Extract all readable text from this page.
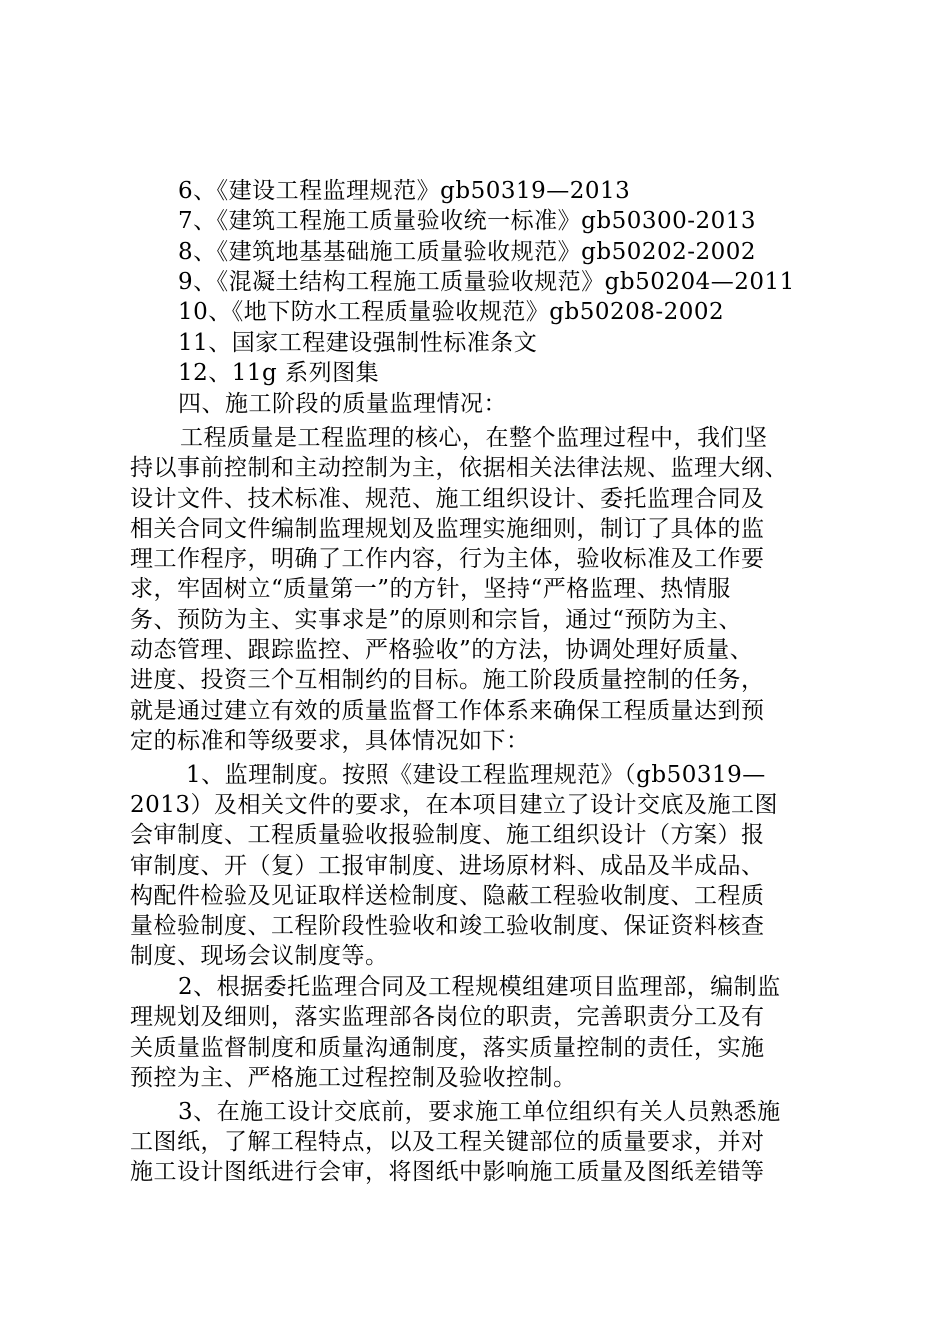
6、《建设工程监理规范》gb50319—2013
7、《建筑工程施工质量验收统一标准》gb50300-2013
8、《建筑地基基础施工质量验收规范》gb50202-2002
9、《混凝土结构工程施工质量验收规范》gb50204—2011
10、《地下防水工程质量验收规范》gb50208-2002
11、国家工程建设强制性标准条文
12、11g 系列图集
四、施工阶段的质量监理情况：
工程质量是工程监理的核心，在整个监理过程中，我们坚
持以事前控制和主动控制为主，依据相关法律法规、监理大纲、
设计文件、技术标准、规范、施工组织设计、委托监理合同及
相关合同文件编制监理规划及监理实施细则，制订了具体的监
理工作程序，明确了工作内容，行为主体，验收标准及工作要
求，牢固树立“质量第一”的方针，坚持“严格监理、热情服
务、预防为主、实事求是”的原则和宗旨，通过“预防为主、
动态管理、跟踪监控、严格验收”的方法，协调处理好质量、
进度、投资三个互相制约的目标。施工阶段质量控制的任务，
就是通过建立有效的质量监督工作体系来确保工程质量达到预
定的标准和等级要求，具体情况如下：
1、监理制度。按照《建设工程监理规范》（gb50319—
2013）及相关文件的要求，在本项目建立了设计交底及施工图
会审制度、工程质量验收报验制度、施工组织设计（方案）报
审制度、开（复）工报审制度、进场原材料、成品及半成品、
构配件检验及见证取样送检制度、隐蔽工程验收制度、工程质
量检验制度、工程阶段性验收和竣工验收制度、保证资料核查
制度、现场会议制度等。
2、根据委托监理合同及工程规模组建项目监理部，编制监
理规划及细则，落实监理部各岗位的职责，完善职责分工及有
关质量监督制度和质量沟通制度，落实质量控制的责任，实施
预控为主、严格施工过程控制及验收控制。
3、在施工设计交底前，要求施工单位组织有关人员熟悉施
工图纸，了解工程特点，以及工程关键部位的质量要求，并对
施工设计图纸进行会审，将图纸中影响施工质量及图纸差错等
